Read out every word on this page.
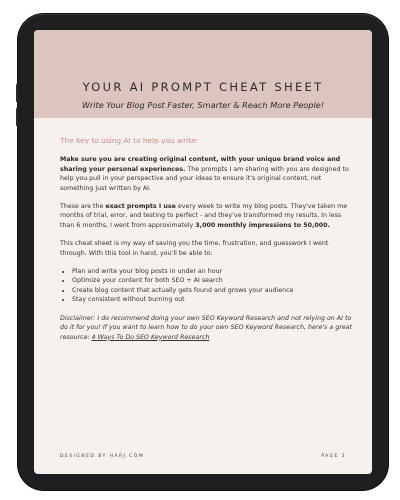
YOUR AI PROMPT CHEAT SHEET
Write Your Blog Post Faster, Smarter & Reach More People!
The key to using AI to help you write:

Make sure you are creating original content, with your unique brand voice and sharing your personal experiences. The prompts I am sharing with you are designed to help you pull in your perspective and your ideas to ensure it's original content, not something just written by AI.

These are the exact prompts I use every week to write my blog posts. They've taken me months of trial, error, and testing to perfect - and they've transformed my results. In less than 6 months, I went from approximately 3,000 monthly impressions to 50,000.

This cheat sheet is my way of saving you the time, frustration, and guesswork I went through. With this tool in hand, you'll be able to:

• Plan and write your blog posts in under an hour
• Optimize your content for both SEO + AI search
• Create blog content that actually gets found and grows your audience
• Stay consistent without burning out

Disclaimer: I do recommend doing your own SEO Keyword Research and not relying on AI to do it for you! If you want to learn how to do your own SEO Keyword Research, here's a great resource: 4 Ways To Do SEO Keyword Research

DESIGNED BY HARJ.COM	PAGE 3
